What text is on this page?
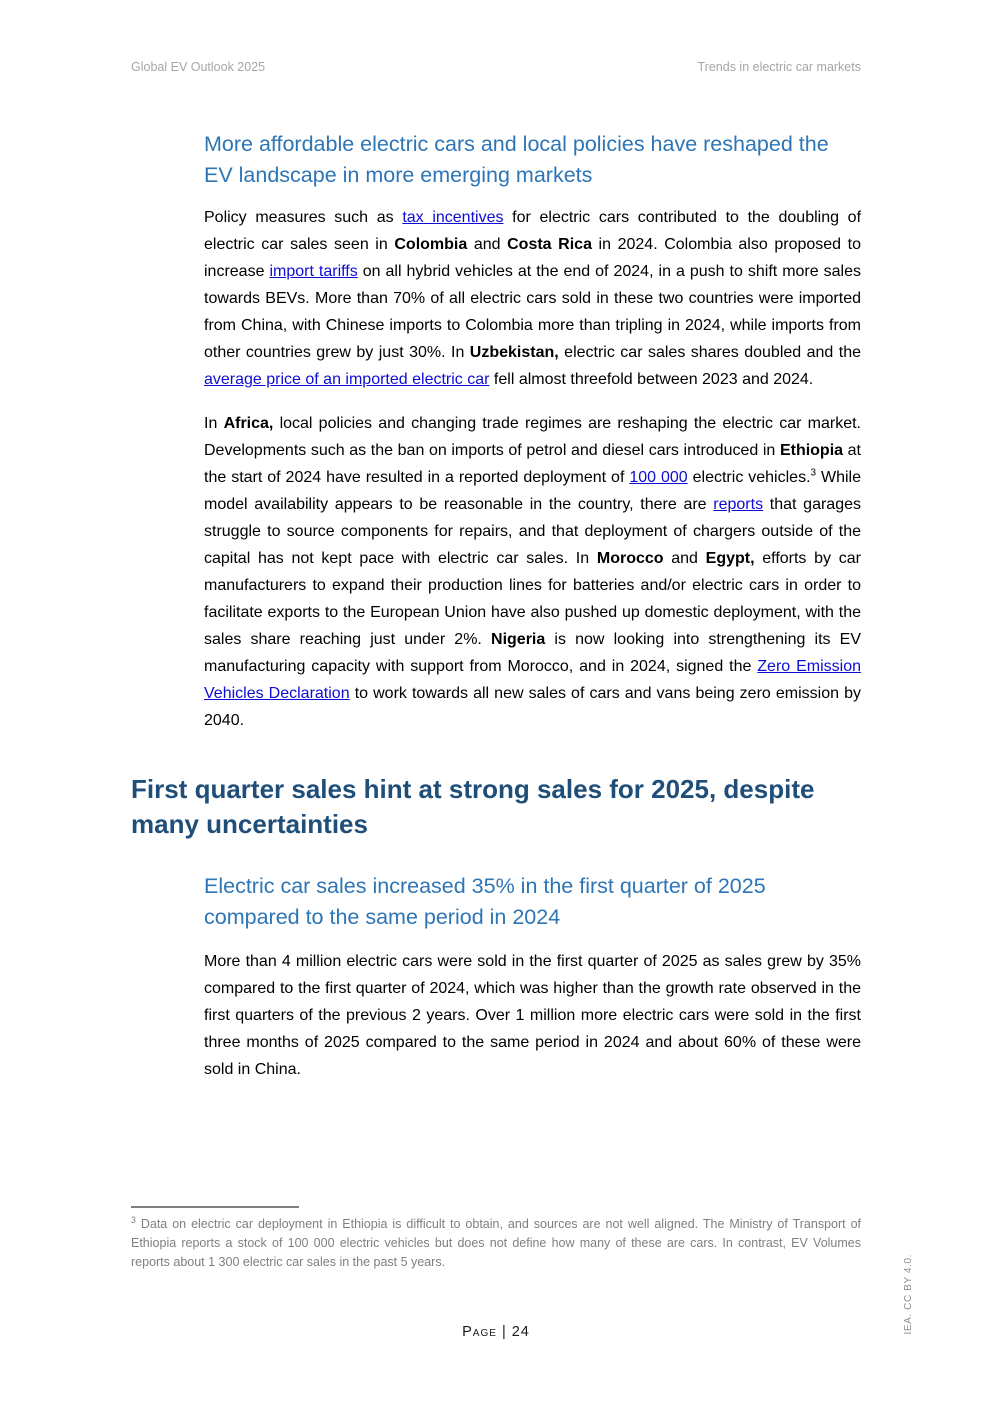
Global EV Outlook 2025	Trends in electric car markets
More affordable electric cars and local policies have reshaped the EV landscape in more emerging markets

Policy measures such as tax incentives for electric cars contributed to the doubling of electric car sales seen in Colombia and Costa Rica in 2024. Colombia also proposed to increase import tariffs on all hybrid vehicles at the end of 2024, in a push to shift more sales towards BEVs. More than 70% of all electric cars sold in these two countries were imported from China, with Chinese imports to Colombia more than tripling in 2024, while imports from other countries grew by just 30%. In Uzbekistan, electric car sales shares doubled and the average price of an imported electric car fell almost threefold between 2023 and 2024.

In Africa, local policies and changing trade regimes are reshaping the electric car market. Developments such as the ban on imports of petrol and diesel cars introduced in Ethiopia at the start of 2024 have resulted in a reported deployment of 100 000 electric vehicles.$^3$ While model availability appears to be reasonable in the country, there are reports that garages struggle to source components for repairs, and that deployment of chargers outside of the capital has not kept pace with electric car sales. In Morocco and Egypt, efforts by car manufacturers to expand their production lines for batteries and/or electric cars in order to facilitate exports to the European Union have also pushed up domestic deployment, with the sales share reaching just under 2%. Nigeria is now looking into strengthening its EV manufacturing capacity with support from Morocco, and in 2024, signed the Zero Emission Vehicles Declaration to work towards all new sales of cars and vans being zero emission by 2040.

First quarter sales hint at strong sales for 2025, despite many uncertainties
Electric car sales increased 35% in the first quarter of 2025 compared to the same period in 2024

More than 4 million electric cars were sold in the first quarter of 2025 as sales grew by 35% compared to the first quarter of 2024, which was higher than the growth rate observed in the first quarters of the previous 2 years. Over 1 million more electric cars were sold in the first three months of 2025 compared to the same period in 2024 and about 60% of these were sold in China.

$^3$ Data on electric car deployment in Ethiopia is difficult to obtain, and sources are not well aligned. The Ministry of Transport of Ethiopia reports a stock of 100 000 electric vehicles but does not define how many of these are cars. In contrast, EV Volumes reports about 1 300 electric car sales in the past 5 years.

Page | 24	IEA. CC BY 4.0.
